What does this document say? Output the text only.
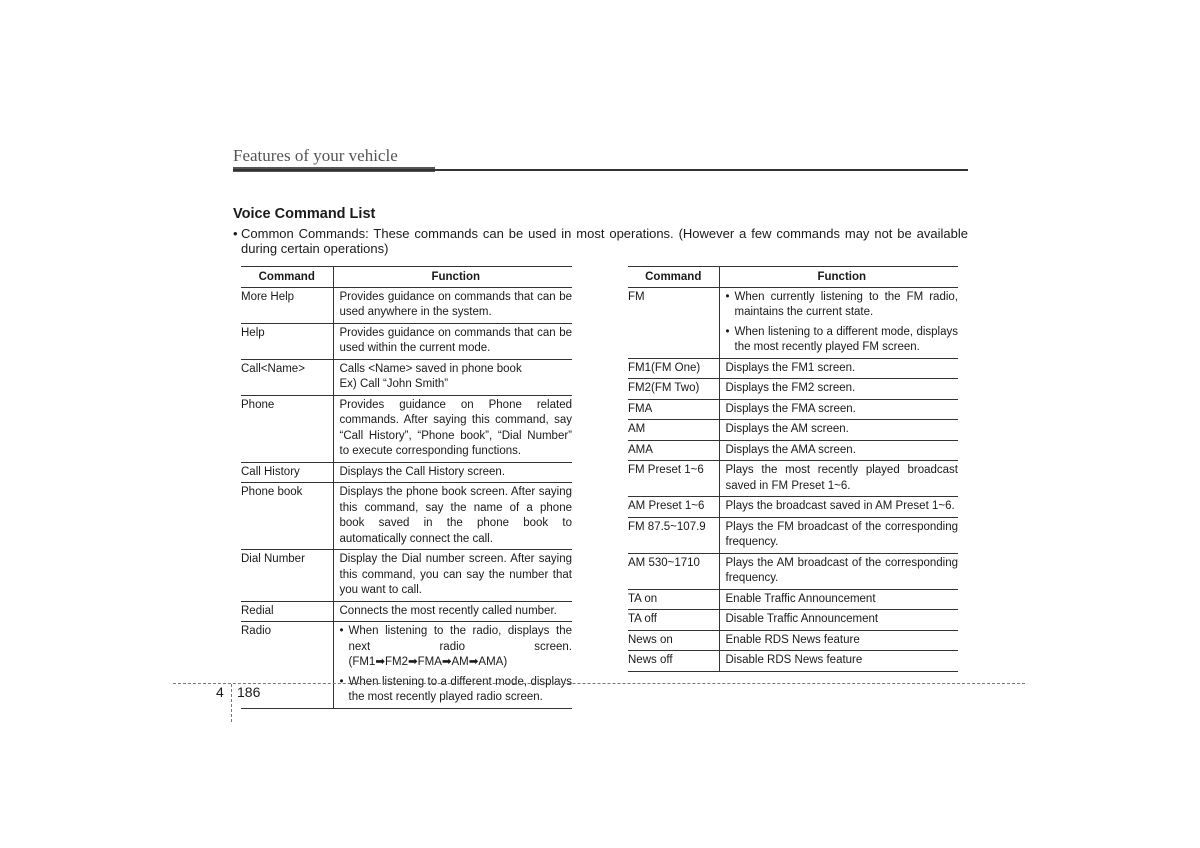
Features of your vehicle
Voice Command List
• Common Commands: These commands can be used in most operations. (However a few commands may not be available during certain operations)
Command	Function
More Help	Provides guidance on commands that can be used anywhere in the system.

Help	Provides guidance on commands that can be used within the current mode.

Call<Name>	Calls <Name> saved in phone book
Ex) Call “John Smith”

Phone	Provides guidance on Phone related commands. After saying this command, say “Call History”, “Phone book”, “Dial Number” to execute corresponding functions.

Call History	Displays the Call History screen.

Phone book	Displays the phone book screen. After saying this command, say the name of a phone book saved in the phone book to automatically connect the call.

Dial Number	Display the Dial number screen. After saying this command, you can say the number that you want to call.

Redial	Connects the most recently called number.

Radio	• When listening to the radio, displays the next radio screen. (FM1➡FM2➡FMA➡AM➡AMA)
• When listening to a different mode, displays the most recently played radio screen.
Command	Function
FM	• When currently listening to the FM radio, maintains the current state.
• When listening to a different mode, displays the most recently played FM screen.

FM1(FM One)	Displays the FM1 screen.

FM2(FM Two)	Displays the FM2 screen.

FMA	Displays the FMA screen.

AM	Displays the AM screen.

AMA	Displays the AMA screen.

FM Preset 1~6	Plays the most recently played broadcast saved in FM Preset 1~6.

AM Preset 1~6	Plays the broadcast saved in AM Preset 1~6.

FM 87.5~107.9	Plays the FM broadcast of the corresponding frequency.

AM 530~1710	Plays the AM broadcast of the corresponding frequency.

TA on	Enable Traffic Announcement

TA off	Disable Traffic Announcement

News on	Enable RDS News feature

News off	Disable RDS News feature
4 186
